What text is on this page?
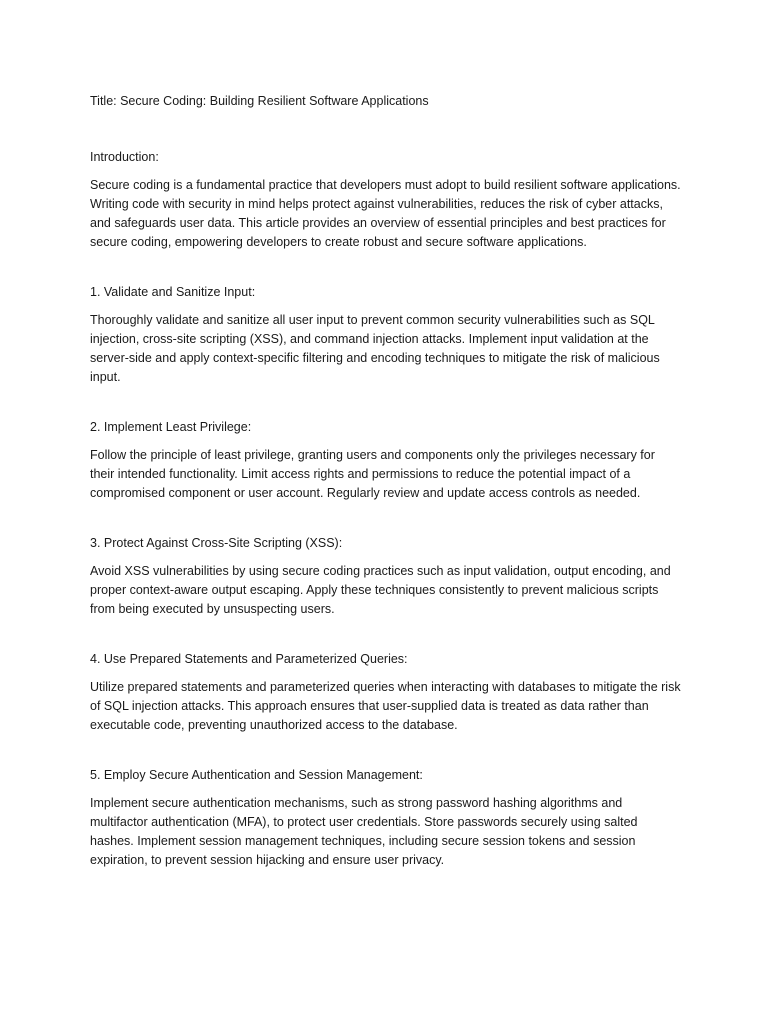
Title: Secure Coding: Building Resilient Software Applications

Introduction:

Secure coding is a fundamental practice that developers must adopt to build resilient software applications. Writing code with security in mind helps protect against vulnerabilities, reduces the risk of cyber attacks, and safeguards user data. This article provides an overview of essential principles and best practices for secure coding, empowering developers to create robust and secure software applications.

1. Validate and Sanitize Input:

Thoroughly validate and sanitize all user input to prevent common security vulnerabilities such as SQL injection, cross-site scripting (XSS), and command injection attacks. Implement input validation at the server-side and apply context-specific filtering and encoding techniques to mitigate the risk of malicious input.

2. Implement Least Privilege:

Follow the principle of least privilege, granting users and components only the privileges necessary for their intended functionality. Limit access rights and permissions to reduce the potential impact of a compromised component or user account. Regularly review and update access controls as needed.

3. Protect Against Cross-Site Scripting (XSS):

Avoid XSS vulnerabilities by using secure coding practices such as input validation, output encoding, and proper context-aware output escaping. Apply these techniques consistently to prevent malicious scripts from being executed by unsuspecting users.

4. Use Prepared Statements and Parameterized Queries:

Utilize prepared statements and parameterized queries when interacting with databases to mitigate the risk of SQL injection attacks. This approach ensures that user-supplied data is treated as data rather than executable code, preventing unauthorized access to the database.

5. Employ Secure Authentication and Session Management:

Implement secure authentication mechanisms, such as strong password hashing algorithms and multifactor authentication (MFA), to protect user credentials. Store passwords securely using salted hashes. Implement session management techniques, including secure session tokens and session expiration, to prevent session hijacking and ensure user privacy.
